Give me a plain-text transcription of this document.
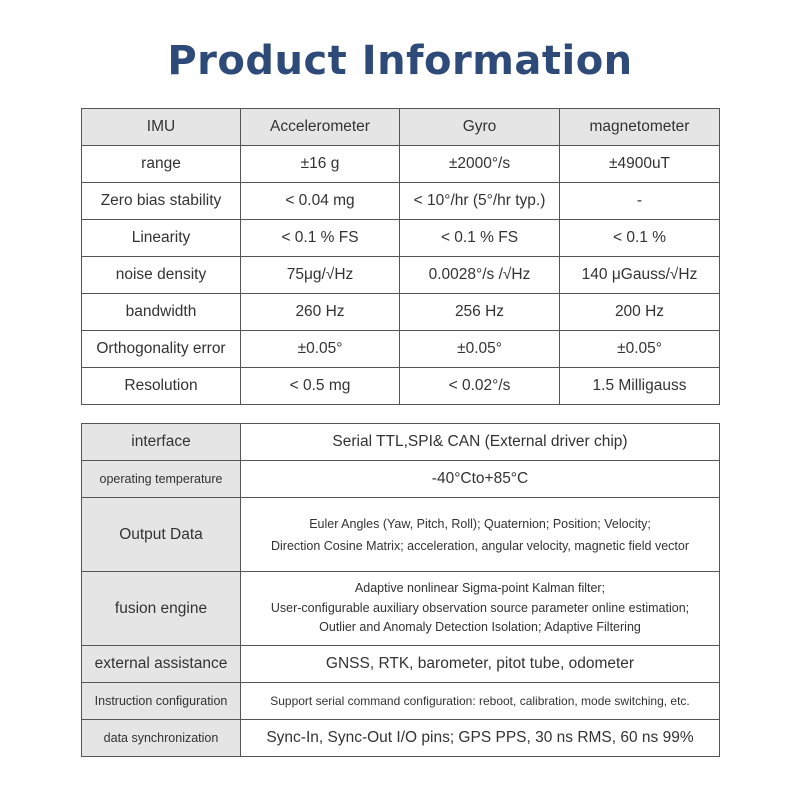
Product Information
IMU	Accelerometer	Gyro	magnetometer
range	±16 g	±2000°/s	±4900uT
Zero bias stability	< 0.04 mg	< 10°/hr (5°/hr typ.)	-
Linearity	< 0.1 % FS	< 0.1 % FS	< 0.1 %
noise density	75μg/√Hz	0.0028°/s /√Hz	140 μGauss/√Hz
bandwidth	260 Hz	256 Hz	200 Hz
Orthogonality error	±0.05°	±0.05°	±0.05°
Resolution	< 0.5 mg	< 0.02°/s	1.5 Milligauss
interface	Serial TTL,SPI& CAN (External driver chip)
operating temperature	-40°Cto+85°C
Output Data	Euler Angles (Yaw, Pitch, Roll); Quaternion; Position; Velocity;
Direction Cosine Matrix; acceleration, angular velocity, magnetic field vector

fusion engine	Adaptive nonlinear Sigma-point Kalman filter;
User-configurable auxiliary observation source parameter online estimation;
Outlier and Anomaly Detection Isolation; Adaptive Filtering

external assistance	GNSS, RTK, barometer, pitot tube, odometer
Instruction configuration	Support serial command configuration: reboot, calibration, mode switching, etc.
data synchronization	Sync-In, Sync-Out I/O pins; GPS PPS, 30 ns RMS, 60 ns 99%
